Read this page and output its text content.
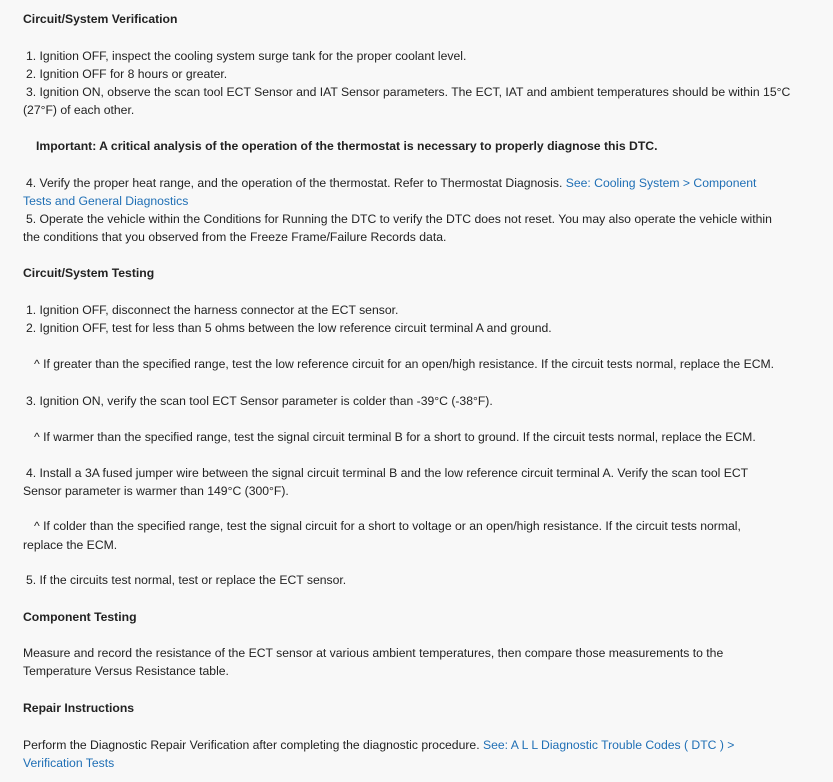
Circuit/System Verification
1. Ignition OFF, inspect the cooling system surge tank for the proper coolant level.
2. Ignition OFF for 8 hours or greater.
3. Ignition ON, observe the scan tool ECT Sensor and IAT Sensor parameters. The ECT, IAT and ambient temperatures should be within 15°C
(27°F) of each other.
Important: A critical analysis of the operation of the thermostat is necessary to properly diagnose this DTC.
4. Verify the proper heat range, and the operation of the thermostat. Refer to Thermostat Diagnosis. See: Cooling System > Component
Tests and General Diagnostics
5. Operate the vehicle within the Conditions for Running the DTC to verify the DTC does not reset. You may also operate the vehicle within
the conditions that you observed from the Freeze Frame/Failure Records data.
Circuit/System Testing
1. Ignition OFF, disconnect the harness connector at the ECT sensor.
2. Ignition OFF, test for less than 5 ohms between the low reference circuit terminal A and ground.
^ If greater than the specified range, test the low reference circuit for an open/high resistance. If the circuit tests normal, replace the ECM.
3. Ignition ON, verify the scan tool ECT Sensor parameter is colder than -39°C (-38°F).
^ If warmer than the specified range, test the signal circuit terminal B for a short to ground. If the circuit tests normal, replace the ECM.
4. Install a 3A fused jumper wire between the signal circuit terminal B and the low reference circuit terminal A. Verify the scan tool ECT
Sensor parameter is warmer than 149°C (300°F).
^ If colder than the specified range, test the signal circuit for a short to voltage or an open/high resistance. If the circuit tests normal,
replace the ECM.
5. If the circuits test normal, test or replace the ECT sensor.
Component Testing
Measure and record the resistance of the ECT sensor at various ambient temperatures, then compare those measurements to the
Temperature Versus Resistance table.
Repair Instructions
Perform the Diagnostic Repair Verification after completing the diagnostic procedure. See: A L L Diagnostic Trouble Codes ( DTC ) >
Verification Tests
